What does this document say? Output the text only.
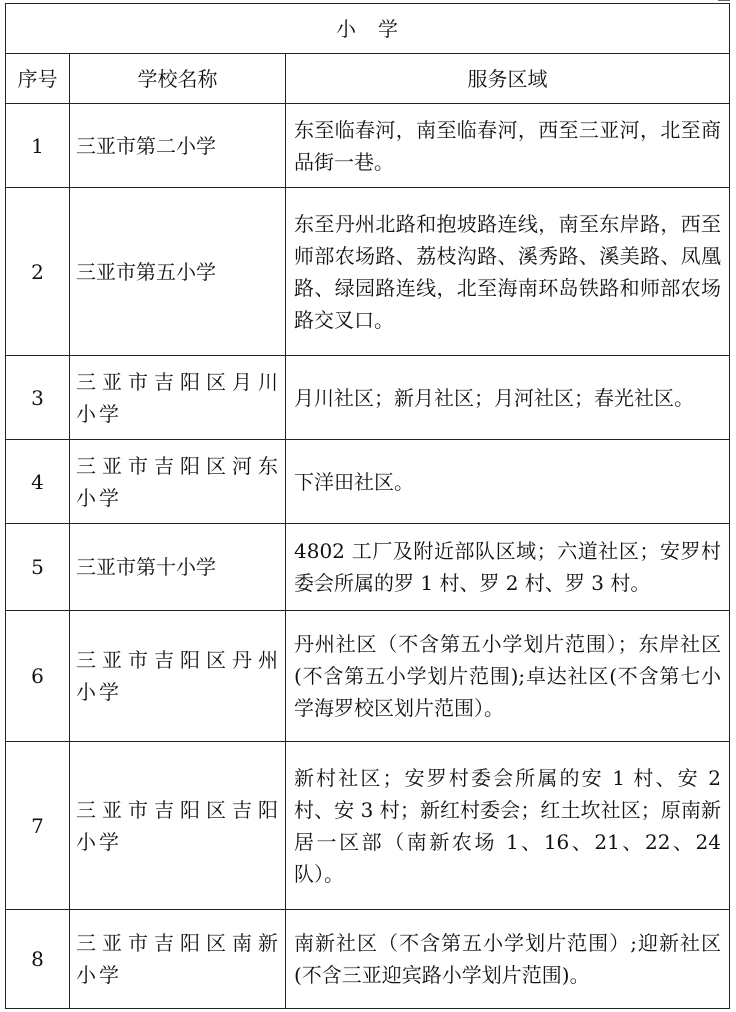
小　学		
序号	学校名称	服务区域
1	三亚市第二小学	东至临春河，南至临春河，西至三亚河，北至商品街一巷。
2	三亚市第五小学	东至丹州北路和抱坡路连线，南至东岸路，西至师部农场路、荔枝沟路、溪秀路、溪美路、凤凰路、绿园路连线，北至海南环岛铁路和师部农场路交叉口。
3	三亚市吉阳区月川小学	月川社区；新月社区；月河社区；春光社区。
4	三亚市吉阳区河东小学	下洋田社区。
5	三亚市第十小学	4802 工厂及附近部队区域；六道社区；安罗村委会所属的罗 1 村、罗 2 村、罗 3 村。
6	三亚市吉阳区丹州小学	丹州社区（不含第五小学划片范围）；东岸社区(不含第五小学划片范围);卓达社区(不含第七小学海罗校区划片范围）。
7	三亚市吉阳区吉阳小学	新村社区；安罗村委会所属的安 1 村、安 2 村、安 3 村；新红村委会；红土坎社区；原南新居一区部（南新农场 1、16、21、22、24 队）。
8	三亚市吉阳区南新小学	南新社区（不含第五小学划片范围）;迎新社区(不含三亚迎宾路小学划片范围)。
